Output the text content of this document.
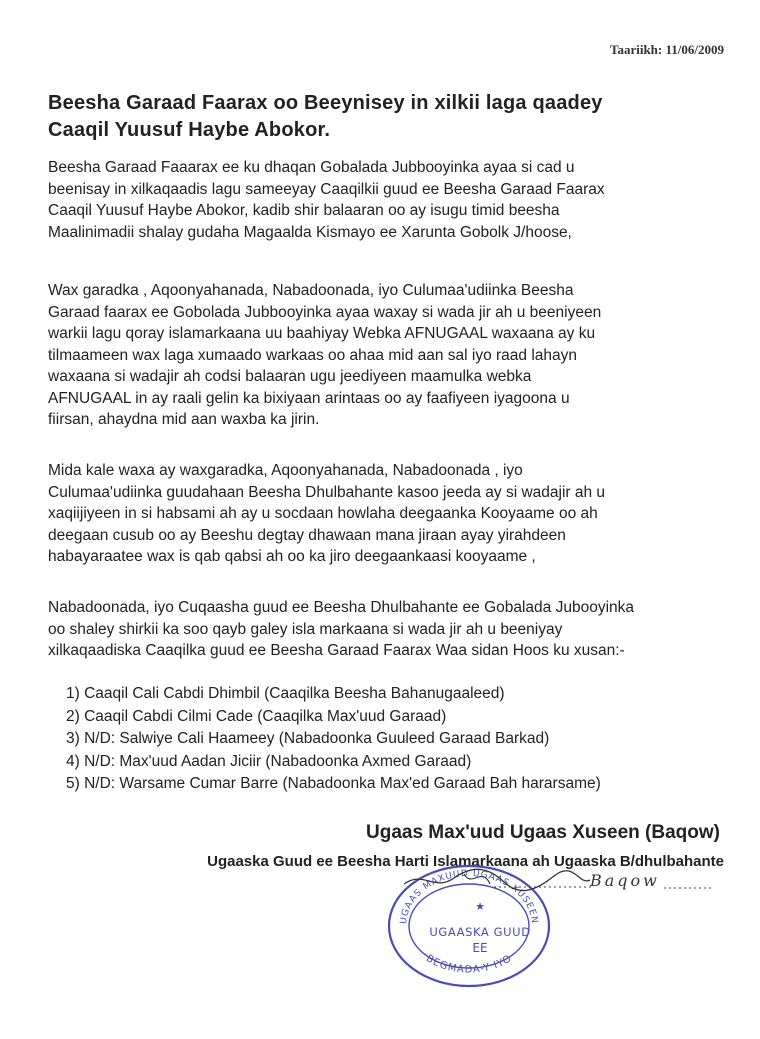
Taariikh: 11/06/2009
Beesha Garaad Faarax oo Beeynisey in xilkii laga qaadey
Caaqil Yuusuf Haybe Abokor.
Beesha Garaad Faaarax ee ku dhaqan Gobalada Jubbooyinka ayaa si cad u
beenisay in xilkaqaadis lagu sameeyay Caaqilkii guud ee Beesha Garaad Faarax
Caaqil Yuusuf Haybe Abokor, kadib shir balaaran oo ay isugu timid beesha
Maalinimadii shalay gudaha Magaalda Kismayo ee Xarunta Gobolk J/hoose,
Wax garadka , Aqoonyahanada, Nabadoonada, iyo Culumaa'udiinka Beesha
Garaad faarax ee Gobolada Jubbooyinka ayaa waxay si wada jir ah u beeniyeen
warkii lagu qoray islamarkaana uu baahiyay Webka AFNUGAAL waxaana ay ku
tilmaameen wax laga xumaado warkaas oo ahaa mid aan sal iyo raad lahayn
waxaana si wadajir ah codsi balaaran ugu jeediyeen maamulka webka
AFNUGAAL in ay raali gelin ka bixiyaan arintaas oo ay faafiyeen iyagoona u
fiirsan, ahaydna mid aan waxba ka jirin.
Mida kale waxa ay waxgaradka, Aqoonyahanada, Nabadoonada , iyo
Culumaa'udiinka guudahaan Beesha Dhulbahante kasoo jeeda ay si wadajir ah u
xaqiijiyeen in si habsami ah ay u socdaan howlaha deegaanka Kooyaame oo ah
deegaan cusub oo ay Beeshu degtay dhawaan mana jiraan ayay yirahdeen
habayaraatee wax is qab qabsi ah oo ka jiro deegaankaasi kooyaame ,
Nabadoonada, iyo Cuqaasha guud ee Beesha Dhulbahante ee Gobalada Jubooyinka
oo shaley shirkii ka soo qayb galey isla markaana si wada jir ah u beeniyay
xilkaqaadiska Caaqilka guud ee Beesha Garaad Faarax Waa sidan Hoos ku xusan:-
1) Caaqil Cali Cabdi Dhimbil (Caaqilka Beesha Bahanugaaleed)
2) Caaqil Cabdi Cilmi Cade (Caaqilka Max'uud Garaad)
3) N/D: Salwiye Cali Haameey (Nabadoonka Guuleed Garaad Barkad)
4) N/D: Max'uud Aadan Jiciir (Nabadoonka Axmed Garaad)
5) N/D: Warsame Cumar Barre (Nabadoonka Max'ed Garaad Bah hararsame)
Ugaas Max'uud Ugaas Xuseen (Baqow)
Ugaaska Guud ee Beesha Harti Islamarkaana ah Ugaaska B/dhulbahante
UGAAS MAXUUD UGAAS XUSEEN
BEGMADA-Y IYO
★
UGAASKA GUUD
EE
Baqow
